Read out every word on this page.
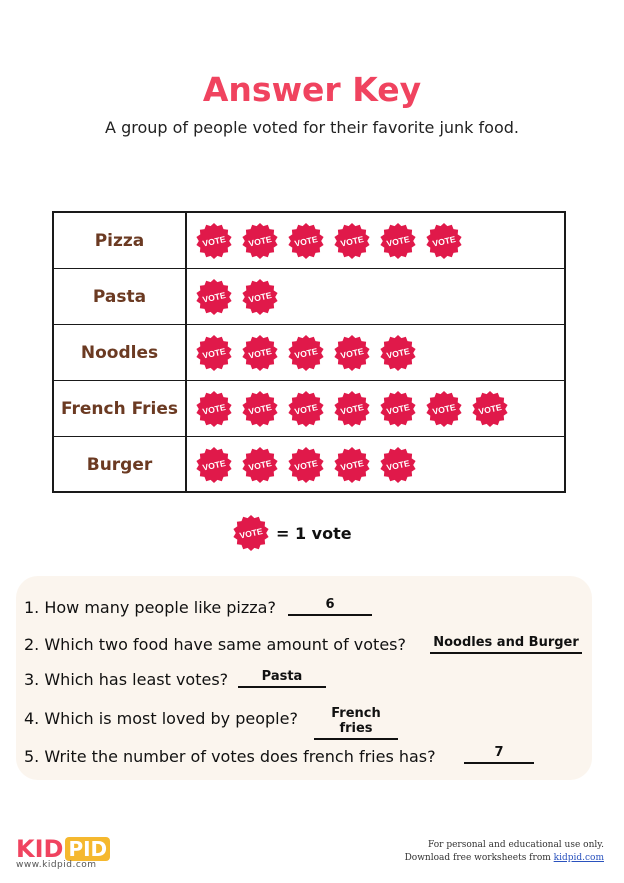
Answer Key
A group of people voted for their favorite junk food.
Pizza	VOTE VOTE VOTE VOTE VOTE VOTE
Pasta	VOTE VOTE
Noodles	VOTE VOTE VOTE VOTE VOTE
French Fries	VOTE VOTE VOTE VOTE VOTE VOTE VOTE
Burger	VOTE VOTE VOTE VOTE VOTE
VOTE = 1 vote
1. How many people like pizza?	6
2. Which two food have same amount of votes? Noodles and Burger
3. Which has least votes?	Pasta
4. Which is most loved by people?	French fries
5. Write the number of votes does french fries has?	7
KID PID
www.kidpid.com
For personal and educational use only.
Download free worksheets from kidpid.com
